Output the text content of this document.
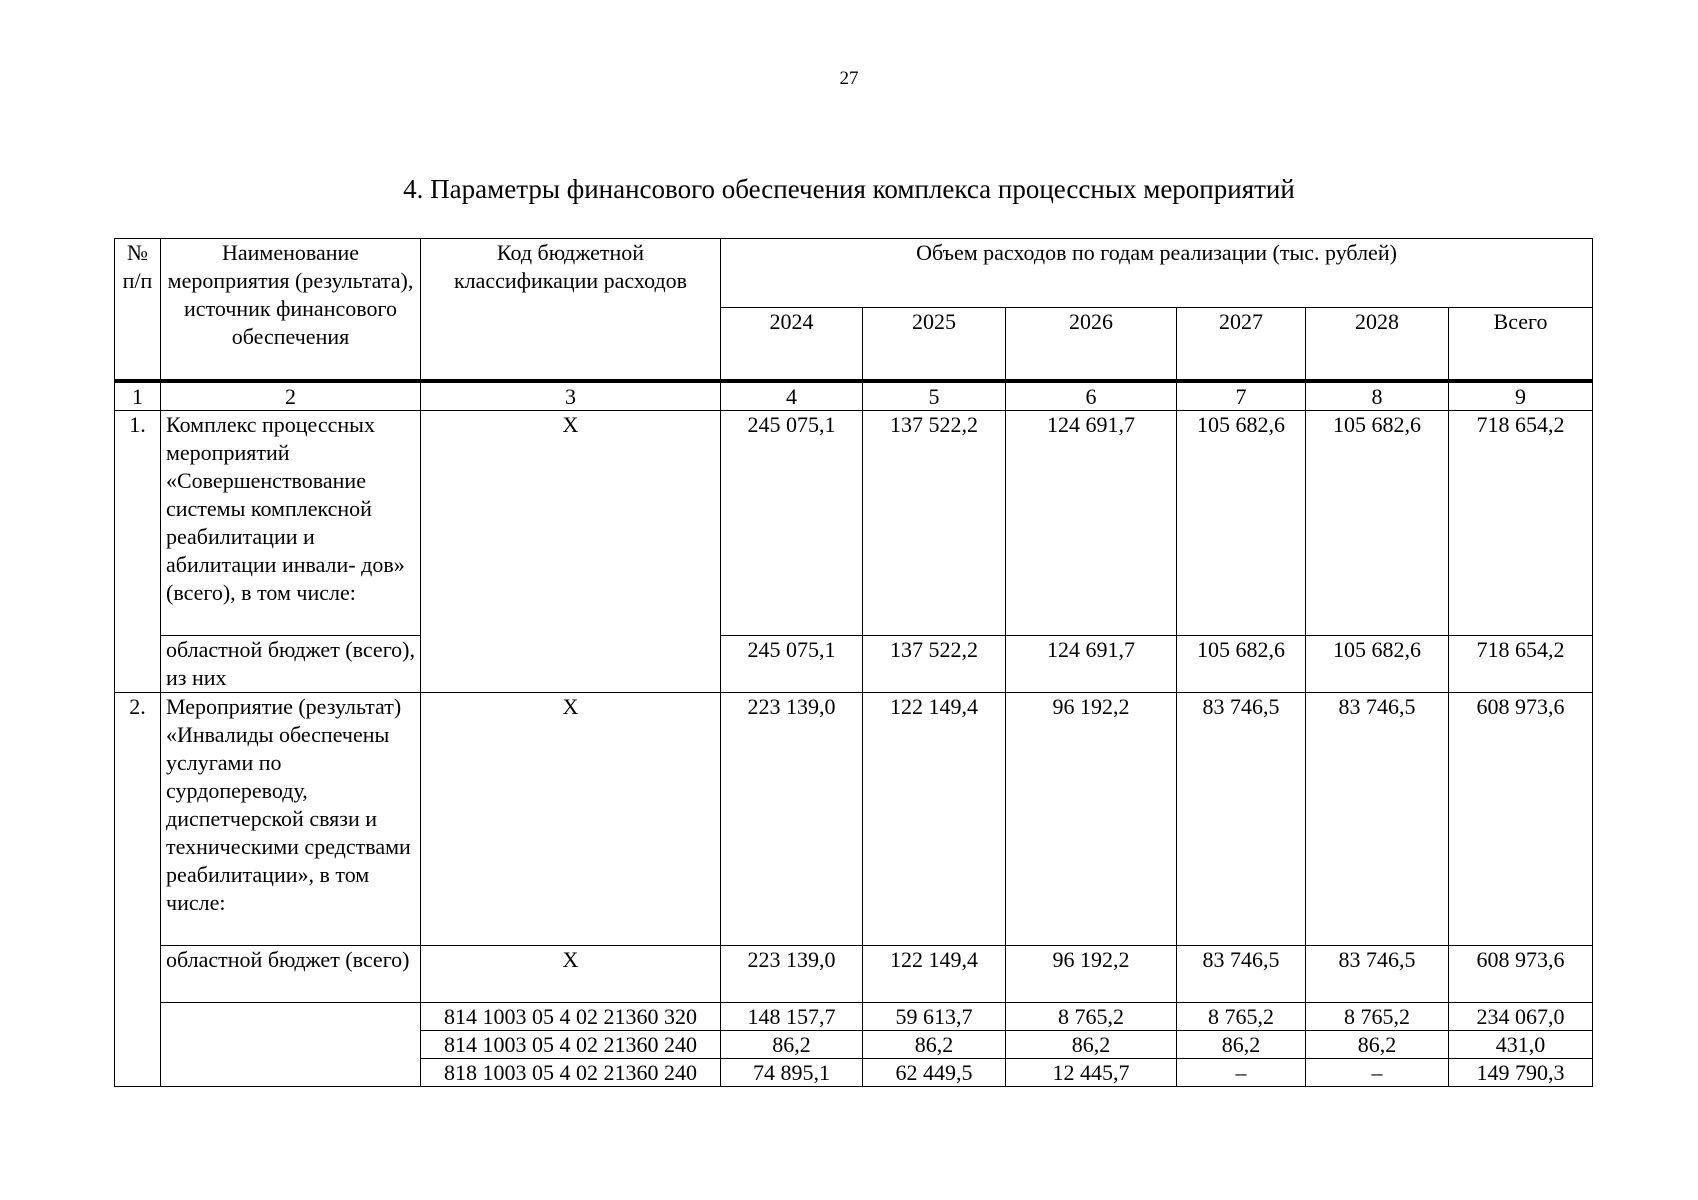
27
4. Параметры финансового обеспечения комплекса процессных мероприятий
№ п/п	Наименование мероприятия (результата), источник финансового обеспечения	Код бюджетной классификации расходов	Объем расходов по годам реализации (тыс. рублей)					
			2024	2025	2026	2027	2028	Всего
1	2	3	4	5	6	7	8	9
1.	Комплекс процессных мероприятий «Совершенствование системы комплексной реабилитации и абилитации инвали- дов» (всего), в том числе:	Х	245 075,1	137 522,2	124 691,7	105 682,6	105 682,6	718 654,2
	областной бюджет (всего), из них		245 075,1	137 522,2	124 691,7	105 682,6	105 682,6	718 654,2
2.	Мероприятие (результат) «Инвалиды обеспечены услугами по сурдопереводу, диспетчерской связи и техническими средствами реабилитации», в том числе:	Х	223 139,0	122 149,4	96 192,2	83 746,5	83 746,5	608 973,6
	областной бюджет (всего)	Х	223 139,0	122 149,4	96 192,2	83 746,5	83 746,5	608 973,6
		814 1003 05 4 02 21360 320	148 157,7	59 613,7	8 765,2	8 765,2	8 765,2	234 067,0
		814 1003 05 4 02 21360 240	86,2	86,2	86,2	86,2	86,2	431,0
		818 1003 05 4 02 21360 240	74 895,1	62 449,5	12 445,7	–	–	149 790,3
